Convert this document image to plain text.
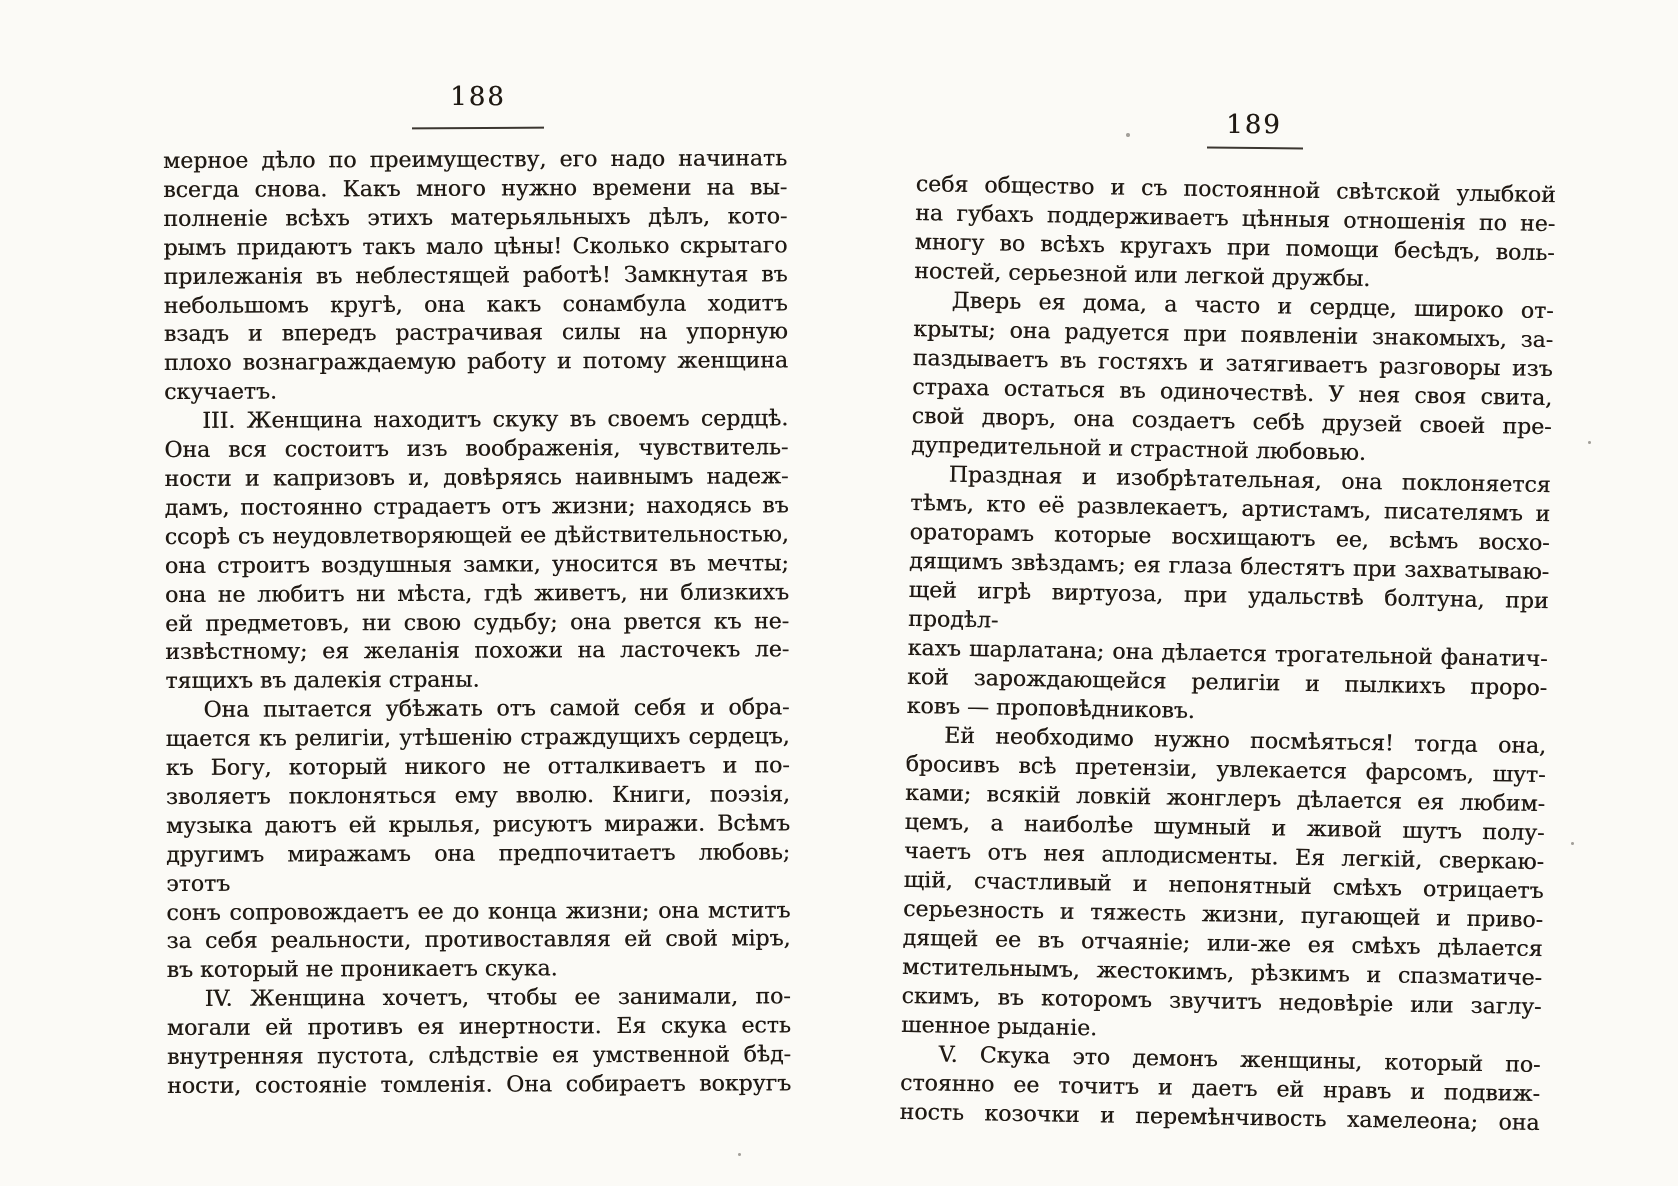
188
мерное дѣло по преимуществу, его надо начинать
всегда снова. Какъ много нужно времени на вы-
полненіе всѣхъ этихъ матерьяльныхъ дѣлъ, кото-
рымъ придаютъ такъ мало цѣны! Сколько скрытаго
прилежанія въ неблестящей работѣ! Замкнутая въ
небольшомъ кругѣ, она какъ сонамбула ходитъ
взадъ и впередъ растрачивая силы на упорную
плохо вознаграждаемую работу и потому женщина
скучаетъ.
III. Женщина находитъ скуку въ своемъ сердцѣ.
Она вся состоитъ изъ воображенія, чувствитель-
ности и капризовъ и, довѣряясь наивнымъ надеж-
дамъ, постоянно страдаетъ отъ жизни; находясь въ
ссорѣ съ неудовлетворяющей ее дѣйствительностью,
она строитъ воздушныя замки, уносится въ мечты;
она не любитъ ни мѣста, гдѣ живетъ, ни близкихъ
ей предметовъ, ни свою судьбу; она рвется къ не-
извѣстному; ея желанія похожи на ласточекъ ле-
тящихъ въ далекія страны.
Она пытается убѣжать отъ самой себя и обра-
щается къ религіи, утѣшенію страждущихъ сердецъ,
къ Богу, который никого не отталкиваетъ и по-
зволяетъ поклоняться ему вволю. Книги, поэзія,
музыка даютъ ей крылья, рисуютъ миражи. Всѣмъ
другимъ миражамъ она предпочитаетъ любовь; этотъ
сонъ сопровождаетъ ее до конца жизни; она мститъ
за себя реальности, противоставляя ей свой міръ,
въ который не проникаетъ скука.
IV. Женщина хочетъ, чтобы ее занимали, по-
могали ей противъ ея инертности. Ея скука есть
внутренняя пустота, слѣдствіе ея умственной бѣд-
ности, состояніе томленія. Она собираетъ вокругъ
189
себя общество и съ постоянной свѣтской улыбкой
на губахъ поддерживаетъ цѣнныя отношенія по не-
многу во всѣхъ кругахъ при помощи бесѣдъ, воль-
ностей, серьезной или легкой дружбы.
Дверь ея дома, а часто и сердце, широко от-
крыты; она радуется при появленіи знакомыхъ, за-
паздываетъ въ гостяхъ и затягиваетъ разговоры изъ
страха остаться въ одиночествѣ. У нея своя свита,
свой дворъ, она создаетъ себѣ друзей своей пре-
дупредительной и страстной любовью.
Праздная и изобрѣтательная, она поклоняется
тѣмъ, кто её развлекаетъ, артистамъ, писателямъ и
ораторамъ которые восхищаютъ ее, всѣмъ восхо-
дящимъ звѣздамъ; ея глаза блестятъ при захватываю-
щей игрѣ виртуоза, при удальствѣ болтуна, при продѣл-
кахъ шарлатана; она дѣлается трогательной фанатич-
кой зарождающейся религіи и пылкихъ проро-
ковъ — проповѣдниковъ.
Ей необходимо нужно посмѣяться! тогда она,
бросивъ всѣ претензіи, увлекается фарсомъ, шут-
ками; всякій ловкій жонглеръ дѣлается ея любим-
цемъ, а наиболѣе шумный и живой шутъ полу-
чаетъ отъ нея аплодисменты. Ея легкій, сверкаю-
щій, счастливый и непонятный смѣхъ отрицаетъ
серьезность и тяжесть жизни, пугающей и приво-
дящей ее въ отчаяніе; или-же ея смѣхъ дѣлается
мстительнымъ, жестокимъ, рѣзкимъ и спазматиче-
скимъ, въ которомъ звучитъ недовѣріе или заглу-
шенное рыданіе.
V. Скука это демонъ женщины, который по-
стоянно ее точитъ и даетъ ей нравъ и подвиж-
ность козочки и перемѣнчивость хамелеона; она
